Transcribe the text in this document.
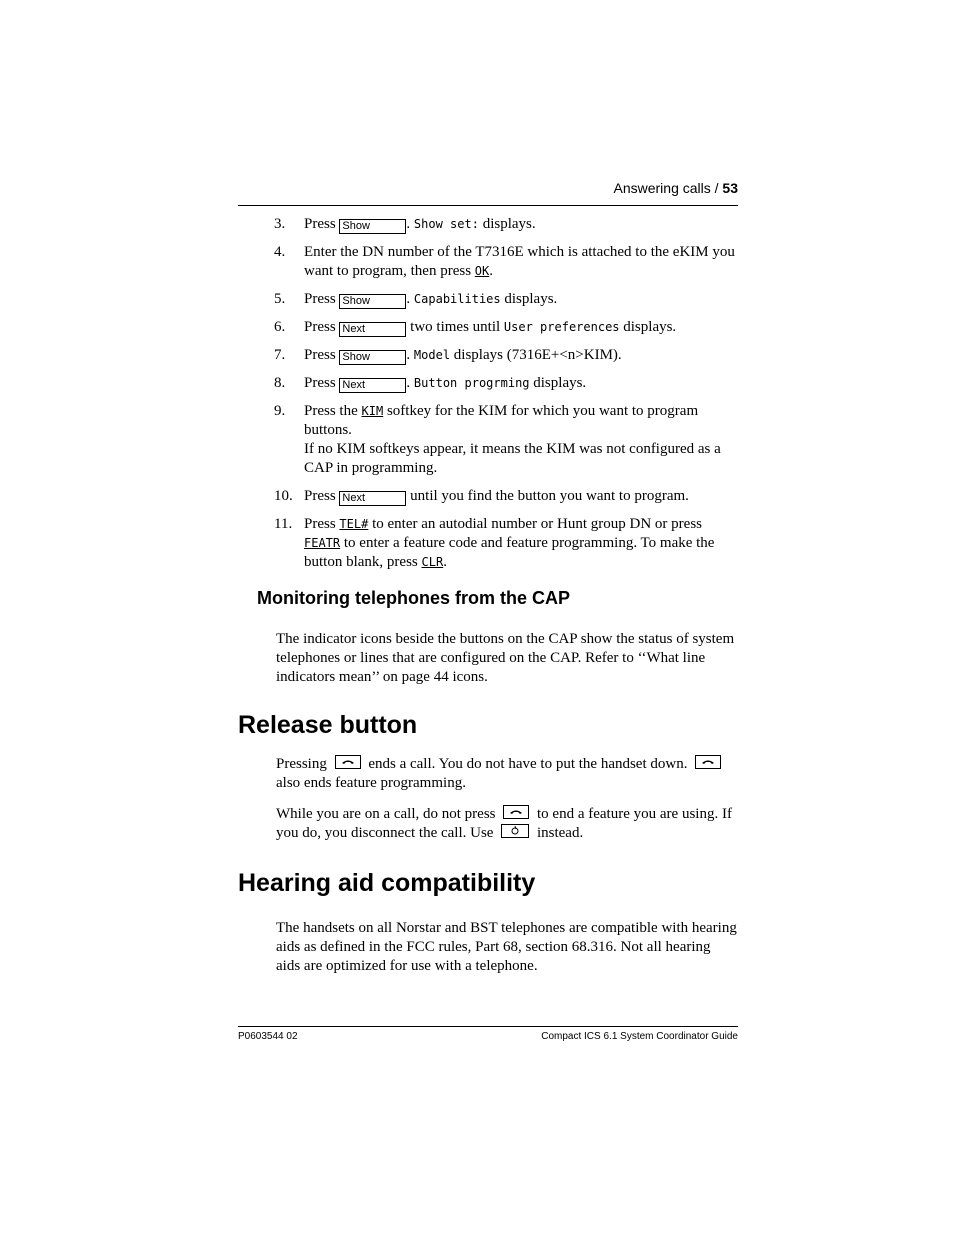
Answering calls / 53
3.	Press Show . Show set: displays.
4.	Enter the DN number of the T7316E which is attached to the eKIM you want to program, then press OK.
5.	Press Show . Capabilities displays.
6.	Press Next	two times until User preferences displays.
7.	Press Show . Model displays (7316E+<n>KIM).
8.	Press Next	. Button progrming displays.
9.	Press the KIM softkey for the KIM for which you want to program buttons.
If no KIM softkeys appear, it means the KIM was not configured as a CAP in programming.
10. Press Next	until you find the button you want to program.
11. Press TEL# to enter an autodial number or Hunt group DN or press FEATR to enter a feature code and feature programming. To make the button blank, press CLR.
Monitoring telephones from the CAP
The indicator icons beside the buttons on the CAP show the status of system telephones or lines that are configured on the CAP. Refer to ‘‘What line indicators mean’’ on page 44 icons.
Release button
Pressing	ends a call. You do not have to put the handset down.
also ends feature programming.
While you are on a call, do not press	to end a feature you are using. If you do, you disconnect the call. Use	instead.
Hearing aid compatibility
The handsets on all Norstar and BST telephones are compatible with hearing aids as defined in the FCC rules, Part 68, section 68.316. Not all hearing aids are optimized for use with a telephone.
P0603544 02	Compact ICS 6.1 System Coordinator Guide
